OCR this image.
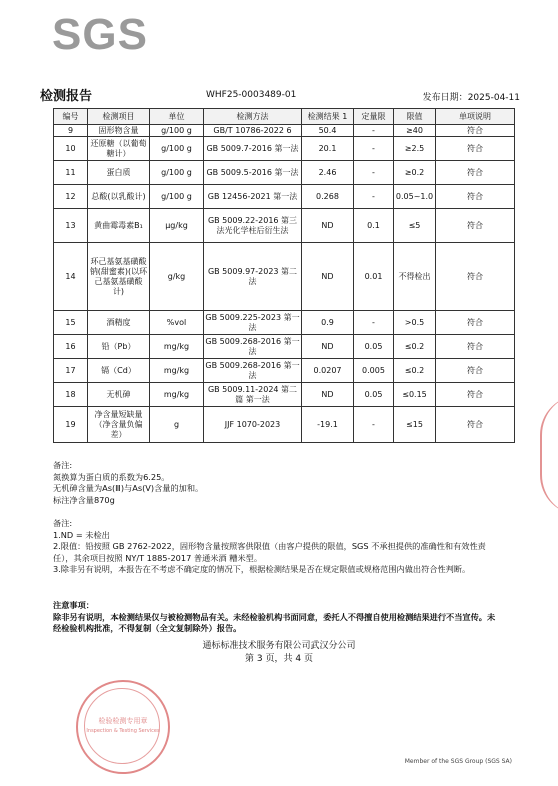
SGS
检测报告	WHF25-0003489-01	发布日期：2025-04-11
编号	检测项目	单位	检测方法	检测结果 1	定量限	限值	单项说明
9	固形物含量	g/100 g	GB/T 10786-2022 6	50.4	-	≥40	符合
10	还原糖（以葡萄糖计）	g/100 g	GB 5009.7-2016 第一法	20.1	-	≥2.5	符合
11	蛋白质	g/100 g	GB 5009.5-2016 第一法	2.46	-	≥0.2	符合
12	总酸(以乳酸计)	g/100 g	GB 12456-2021 第一法	0.268	-	0.05~1.0	符合
13	黄曲霉毒素B₁	μg/kg	GB 5009.22-2016 第三法光化学柱后衍生法	ND	0.1	≤5	符合
14	环己基氨基磺酸钠(甜蜜素)(以环己基氨基磺酸计)	g/kg	GB 5009.97-2023 第二法	ND	0.01	不得检出	符合
15	酒精度	%vol	GB 5009.225-2023 第一法	0.9	-	>0.5	符合
16	铅（Pb）	mg/kg	GB 5009.268-2016 第一法	ND	0.05	≤0.2	符合
17	镉（Cd）	mg/kg	GB 5009.268-2016 第一法	0.0207	0.005	≤0.2	符合
18	无机砷	mg/kg	GB 5009.11-2024 第二篇 第一法	ND	0.05	≤0.15	符合
19	净含量短缺量（净含量负偏差）	g	JJF 1070-2023	-19.1	-	≤15	符合
备注:
氮换算为蛋白质的系数为6.25。
无机砷含量为As(Ⅲ)与As(Ⅴ)含量的加和。
标注净含量870g
备注:
1.ND = 未检出
2.限值：铅按照 GB 2762-2022，固形物含量按照客供限值（由客户提供的限值，SGS 不承担提供的准确性和有效性责任），其余项目按照 NY/T 1885-2017 普通米酒 糟米型。
3.除非另有说明，本报告在不考虑不确定度的情况下，根据检测结果是否在规定限值或规格范围内做出符合性判断。
注意事项：
除非另有说明，本检测结果仅与被检测物品有关。未经检验机构书面同意，委托人不得擅自使用检测结果进行不当宣传。未经检验机构批准，不得复制（全文复制除外）报告。
通标标准技术服务有限公司武汉分公司
第 3 页，共 4 页
检验检测专用章
Inspection & Testing Services
Member of the SGS Group (SGS SA)
